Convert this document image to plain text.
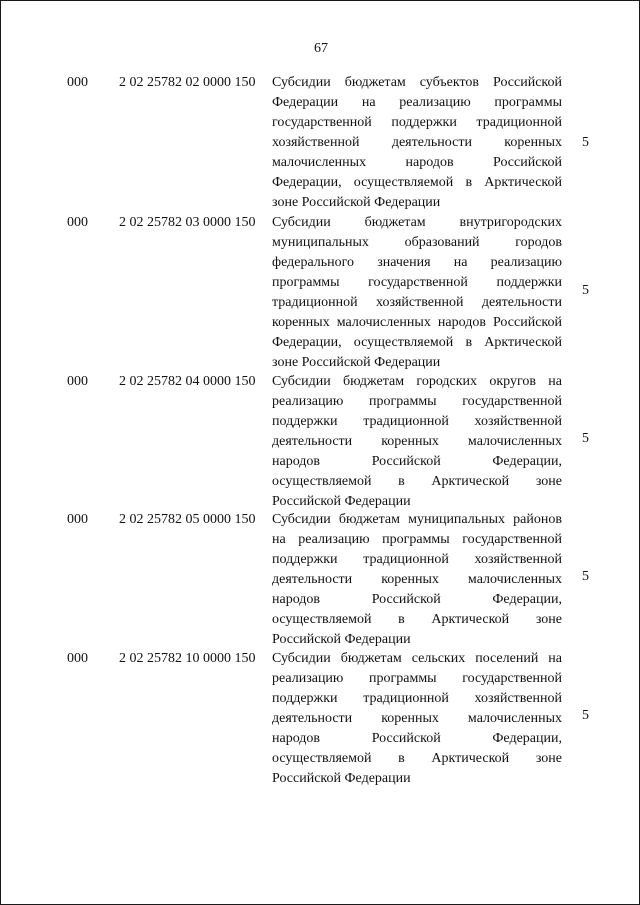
67
000 2 02 25782 02 0000 150 Субсидии бюджетам субъектов Российской Федерации на реализацию программы государственной поддержки традиционной хозяйственной деятельности коренных малочисленных народов Российской Федерации, осуществляемой в Арктической зоне Российской Федерации

5
000 2 02 25782 03 0000 150 Субсидии бюджетам внутригородских муниципальных образований городов федерального значения на реализацию программы государственной поддержки традиционной хозяйственной деятельности коренных малочисленных народов Российской Федерации, осуществляемой в Арктической зоне Российской Федерации

5
000 2 02 25782 04 0000 150 Субсидии бюджетам городских округов на реализацию программы государственной поддержки традиционной хозяйственной деятельности коренных малочисленных народов Российской Федерации, осуществляемой в Арктической зоне Российской Федерации

5
000 2 02 25782 05 0000 150 Субсидии бюджетам муниципальных районов на реализацию программы государственной поддержки традиционной хозяйственной деятельности коренных малочисленных народов Российской Федерации, осуществляемой в Арктической зоне Российской Федерации

5
000 2 02 25782 10 0000 150 Субсидии бюджетам сельских поселений на реализацию программы государственной поддержки традиционной хозяйственной деятельности коренных малочисленных народов Российской Федерации, осуществляемой в Арктической зоне Российской Федерации

5
